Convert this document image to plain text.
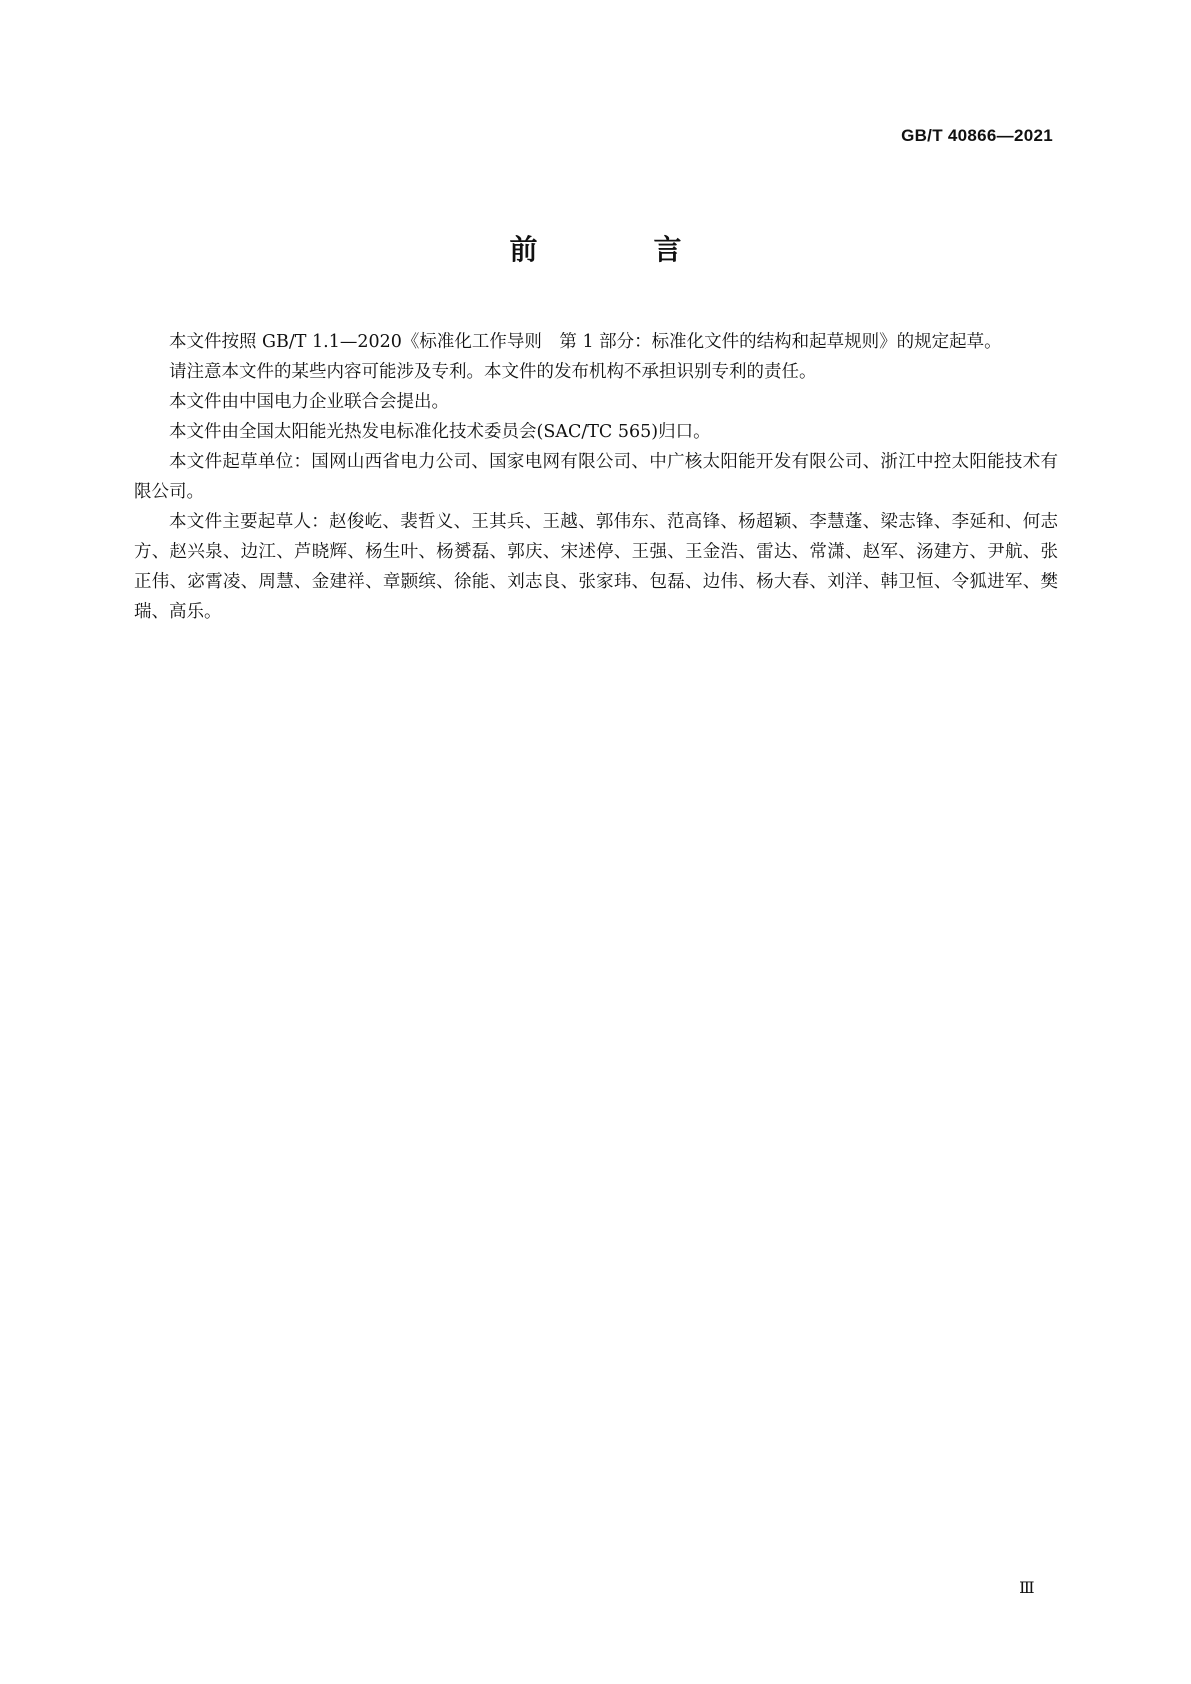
GB/T 40866—2021
前　言

本文件按照 GB/T 1.1—2020《标准化工作导则　第 1 部分：标准化文件的结构和起草规则》的规定起草。

请注意本文件的某些内容可能涉及专利。本文件的发布机构不承担识别专利的责任。

本文件由中国电力企业联合会提出。

本文件由全国太阳能光热发电标准化技术委员会(SAC/TC 565)归口。

本文件起草单位：国网山西省电力公司、国家电网有限公司、中广核太阳能开发有限公司、浙江中控太阳能技术有限公司。

本文件主要起草人：赵俊屹、裴哲义、王其兵、王越、郭伟东、范高锋、杨超颖、李慧蓬、梁志锋、李延和、何志方、赵兴泉、边江、芦晓辉、杨生叶、杨赟磊、郭庆、宋述停、王强、王金浩、雷达、常潇、赵军、汤建方、尹航、张正伟、宓霄凌、周慧、金建祥、章颢缤、徐能、刘志良、张家玮、包磊、边伟、杨大春、刘洋、韩卫恒、令狐进军、樊瑞、高乐。

Ⅲ
